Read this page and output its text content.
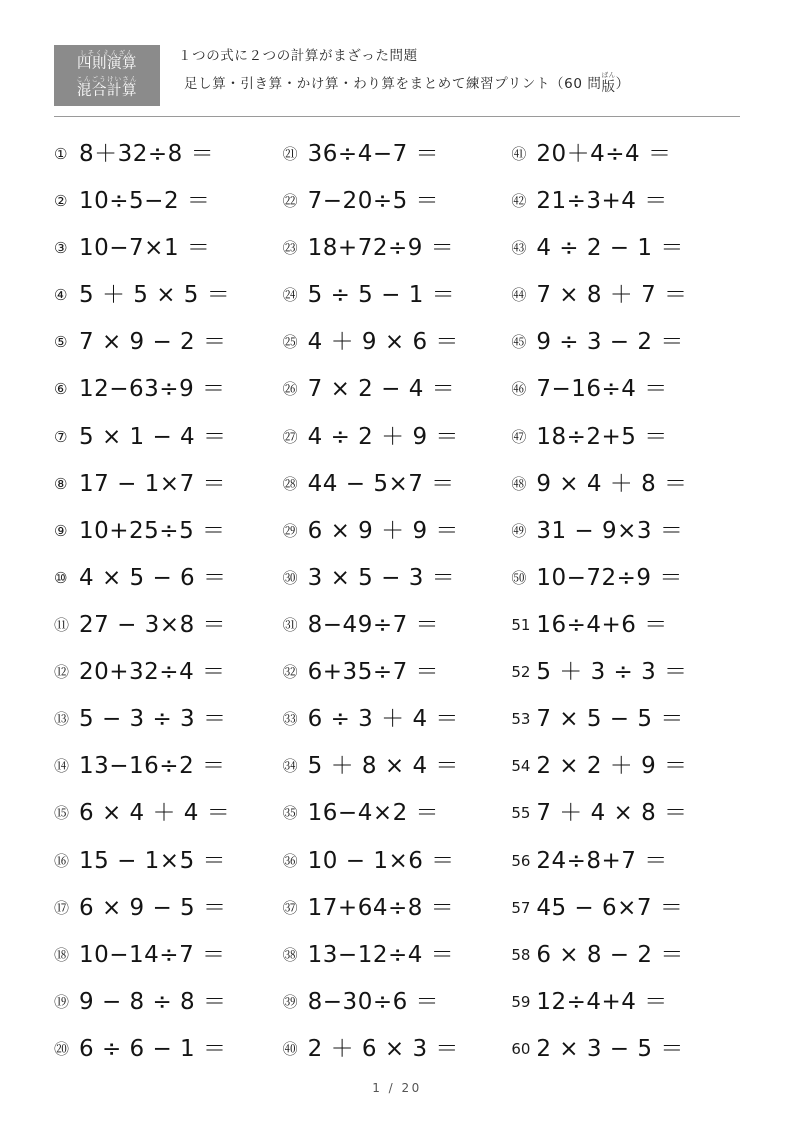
しそくえんざん
四則演算
こんごうけいさん
混合計算
１つの式に２つの計算がまざった問題
足し算・引き算・かけ算・わり算をまとめて練習プリント（60 問
ばん
版 ）
① 8＋32÷8 ＝
② 10÷5−2 ＝
③ 10−7×1 ＝
④ 5 ＋ 5 × 5 ＝
⑤ 7 × 9 − 2 ＝
⑥ 12−63÷9 ＝
⑦ 5 × 1 − 4 ＝
⑧ 17 − 1×7 ＝
⑨ 10+25÷5 ＝
⑩ 4 × 5 − 6 ＝
⑪ 27 − 3×8 ＝
⑫ 20+32÷4 ＝
⑬ 5 − 3 ÷ 3 ＝
⑭ 13−16÷2 ＝
⑮ 6 × 4 ＋ 4 ＝
⑯ 15 − 1×5 ＝
⑰ 6 × 9 − 5 ＝
⑱ 10−14÷7 ＝
⑲ 9 − 8 ÷ 8 ＝
⑳ 6 ÷ 6 − 1 ＝
㉑ 36÷4−7 ＝
㉒ 7−20÷5 ＝
㉓ 18+72÷9 ＝
㉔ 5 ÷ 5 − 1 ＝
㉕ 4 ＋ 9 × 6 ＝
㉖ 7 × 2 − 4 ＝
㉗ 4 ÷ 2 ＋ 9 ＝
㉘ 44 − 5×7 ＝
㉙ 6 × 9 ＋ 9 ＝
㉚ 3 × 5 − 3 ＝
㉛ 8−49÷7 ＝
㉜ 6+35÷7 ＝
㉝ 6 ÷ 3 ＋ 4 ＝
㉞ 5 ＋ 8 × 4 ＝
㉟ 16−4×2 ＝
㊱ 10 − 1×6 ＝
㊲ 17+64÷8 ＝
㊳ 13−12÷4 ＝
㊴ 8−30÷6 ＝
㊵ 2 ＋ 6 × 3 ＝
㊶ 20＋4÷4 ＝
㊷ 21÷3+4 ＝
㊸ 4 ÷ 2 − 1 ＝
㊹ 7 × 8 ＋ 7 ＝
㊺ 9 ÷ 3 − 2 ＝
㊻ 7−16÷4 ＝
㊼ 18÷2+5 ＝
㊽ 9 × 4 ＋ 8 ＝
㊾ 31 − 9×3 ＝
㊿ 10−72÷9 ＝
51 16÷4+6 ＝
52 5 ＋ 3 ÷ 3 ＝
53 7 × 5 − 5 ＝
54 2 × 2 ＋ 9 ＝
55 7 ＋ 4 × 8 ＝
56 24÷8+7 ＝
57 45 − 6×7 ＝
58 6 × 8 − 2 ＝
59 12÷4+4 ＝
60 2 × 3 − 5 ＝
1 / 20
